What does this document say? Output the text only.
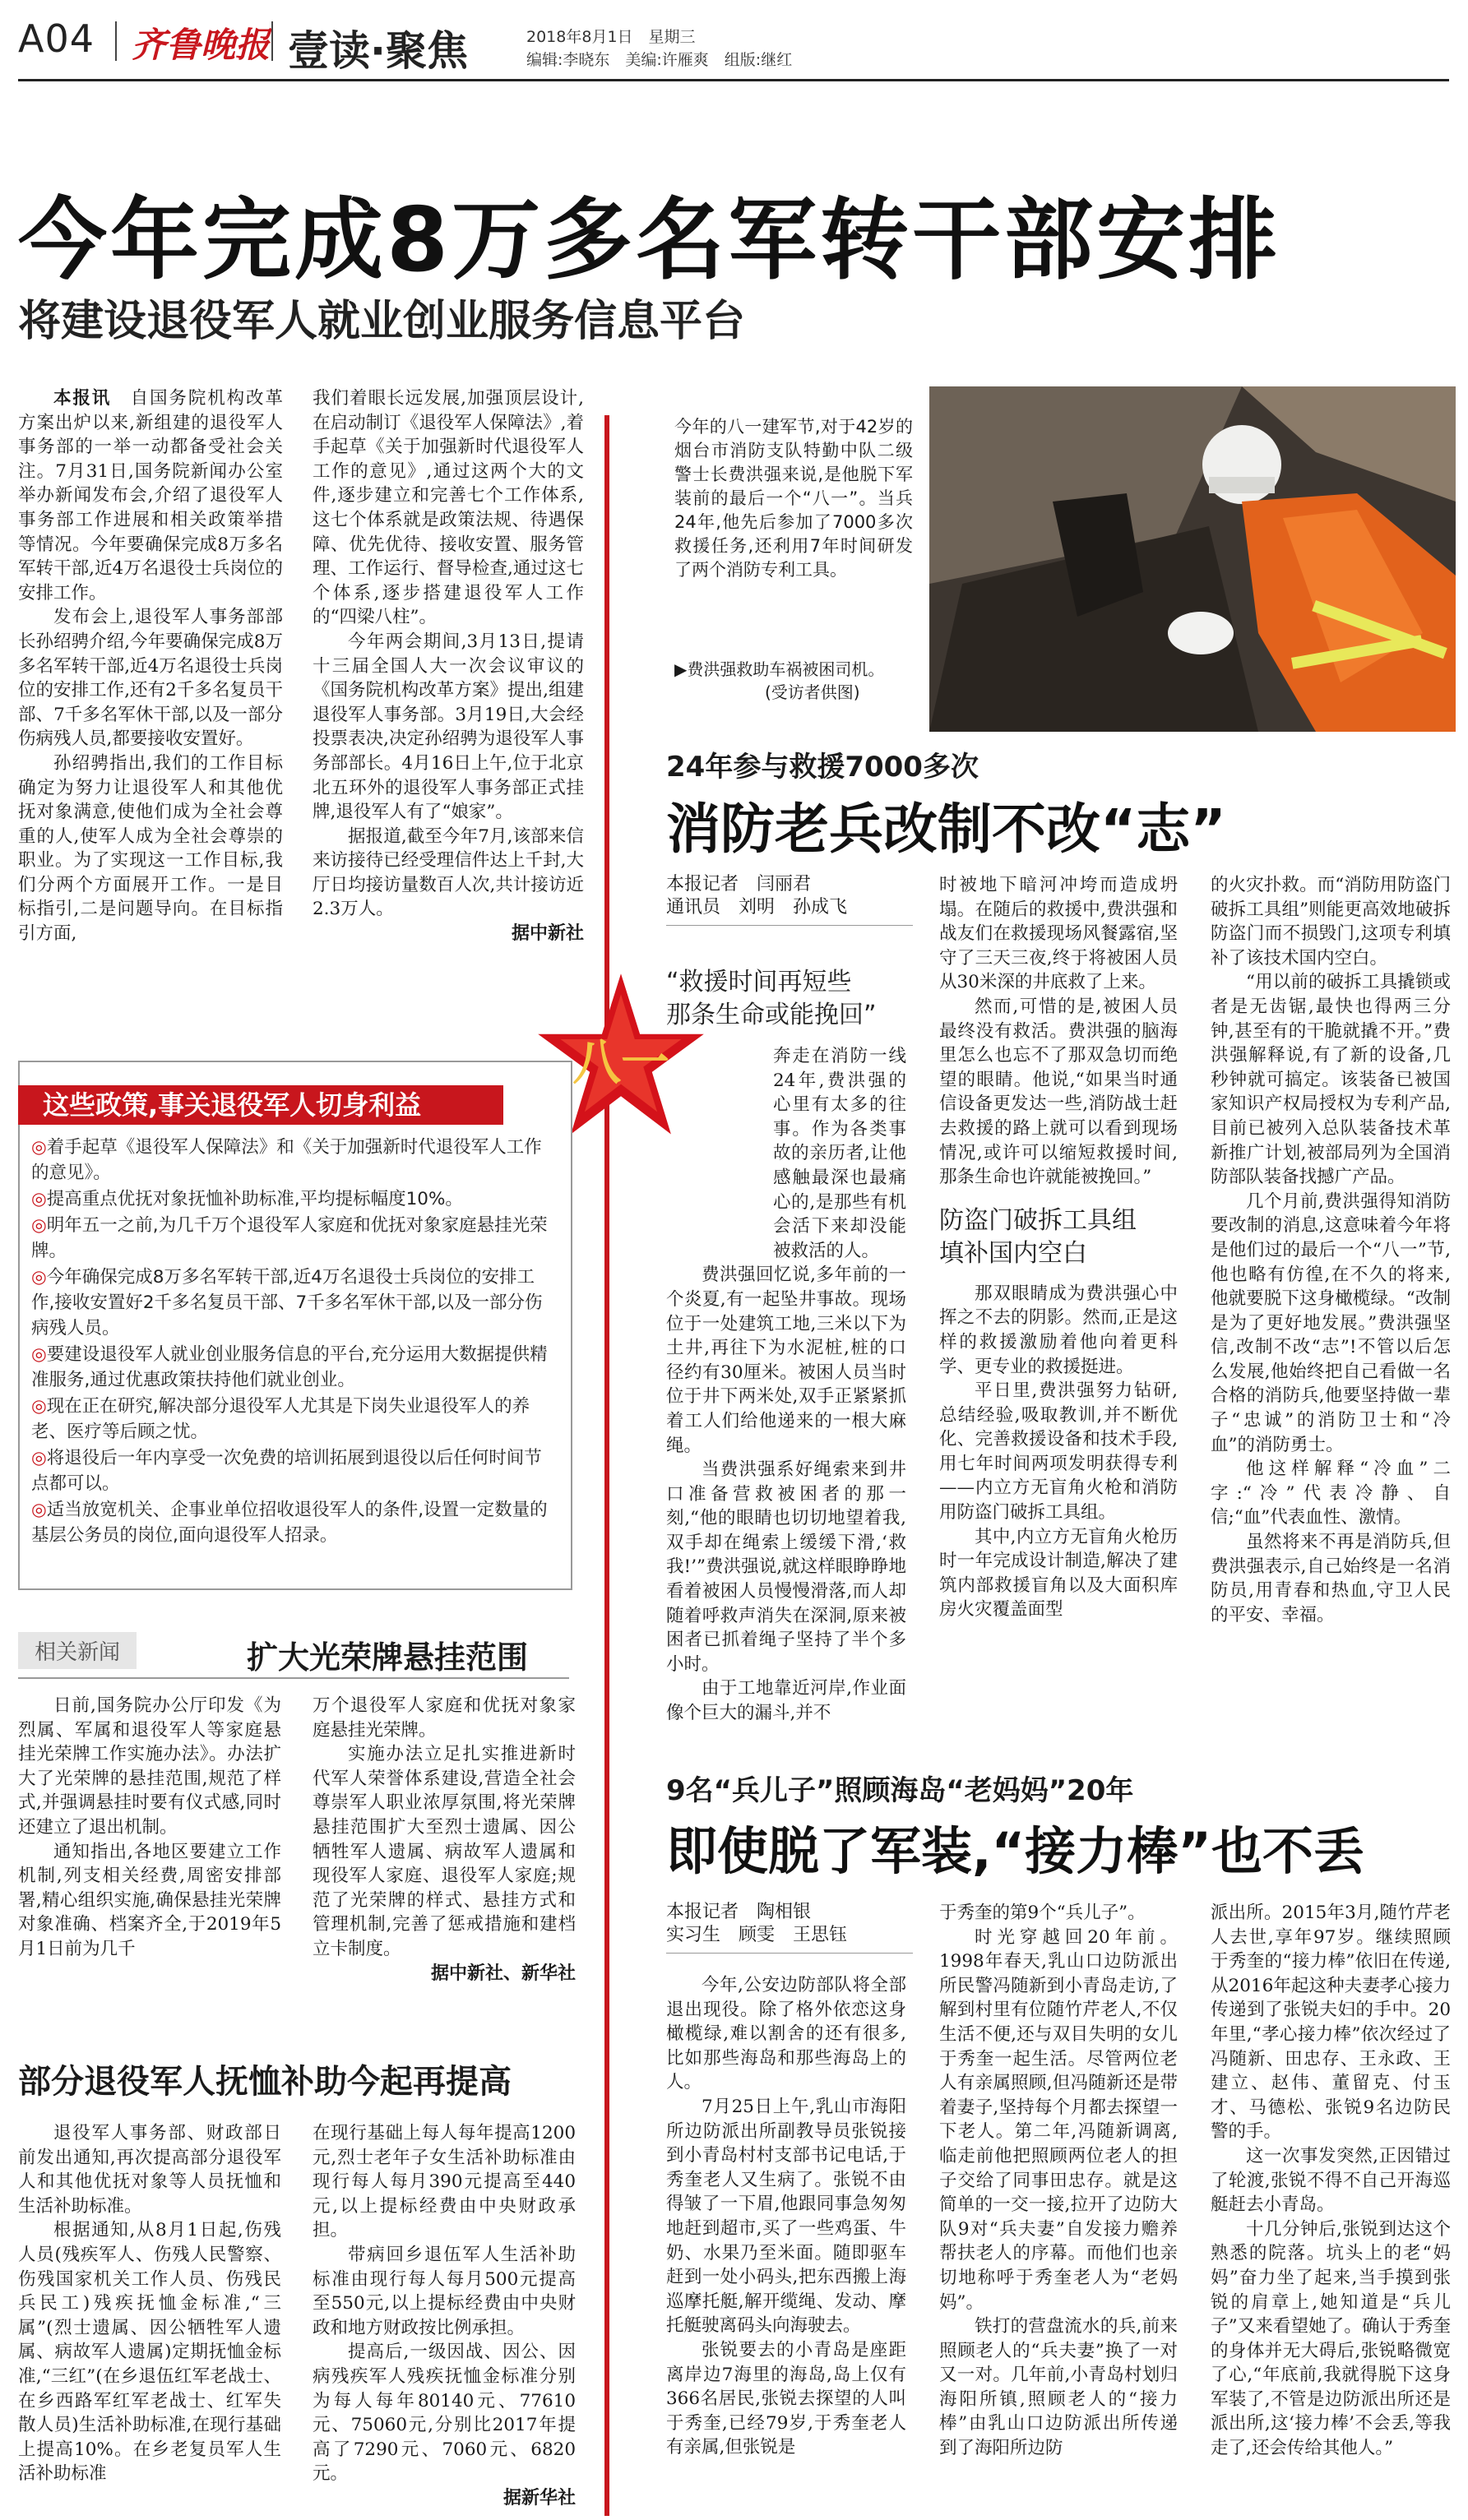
A04 齐鲁晚报 壹读·聚焦	2018年8月1日　星期三
编辑:李晓东　美编:许雁爽　组版:继红
今年完成8万多名军转干部安排
将建设退役军人就业创业服务信息平台

本报讯　 自国务院机构改革方案出炉以来,新组建的退役军人事务部的一举一动都备受社会关注。7月31日,国务院新闻办公室举办新闻发布会,介绍了退役军人事务部工作进展和相关政策举措等情况。今年要确保完成8万多名军转干部,近4万名退役士兵岗位的安排工作。

发布会上,退役军人事务部部长孙绍骋介绍,今年要确保完成8万多名军转干部,近4万名退役士兵岗位的安排工作,还有2千多名复员干部、7千多名军休干部,以及一部分伤病残人员,都要接收安置好。

孙绍骋指出,我们的工作目标确定为努力让退役军人和其他优抚对象满意,使他们成为全社会尊重的人,使军人成为全社会尊崇的职业。为了实现这一工作目标,我们分两个方面展开工作。一是目标指引,二是问题导向。在目标指引方面,

我们着眼长远发展,加强顶层设计,在启动制订《退役军人保障法》,着手起草《关于加强新时代退役军人工作的意见》,通过这两个大的文件,逐步建立和完善七个工作体系,这七个体系就是政策法规、待遇保障、优先优待、接收安置、服务管理、工作运行、督导检查,通过这七个体系,逐步搭建退役军人工作的“四梁八柱”。

今年两会期间,3月13日,提请十三届全国人大一次会议审议的《国务院机构改革方案》提出,组建退役军人事务部。3月19日,大会经投票表决,决定孙绍骋为退役军人事务部部长。4月16日上午,位于北京北五环外的退役军人事务部正式挂牌,退役军人有了“娘家”。

据报道,截至今年7月,该部来信来访接待已经受理信件达上千封,大厅日均接访量数百人次,共计接访近2.3万人。

据中新社
八一
这些政策,事关退役军人切身利益
◎着手起草《退役军人保障法》和《关于加强新时代退役军人工作的意见》。
◎提高重点优抚对象抚恤补助标准,平均提标幅度10%。
◎明年五一之前,为几千万个退役军人家庭和优抚对象家庭悬挂光荣牌。
◎今年确保完成8万多名军转干部,近4万名退役士兵岗位的安排工作,接收安置好2千多名复员干部、7千多名军休干部,以及一部分伤病残人员。
◎要建设退役军人就业创业服务信息的平台,充分运用大数据提供精准服务,通过优惠政策扶持他们就业创业。
◎现在正在研究,解决部分退役军人尤其是下岗失业退役军人的养老、医疗等后顾之忧。
◎将退役后一年内享受一次免费的培训拓展到退役以后任何时间节点都可以。
◎适当放宽机关、企事业单位招收退役军人的条件,设置一定数量的基层公务员的岗位,面向退役军人招录。
相关新闻	扩大光荣牌悬挂范围

日前,国务院办公厅印发《为烈属、军属和退役军人等家庭悬挂光荣牌工作实施办法》。办法扩大了光荣牌的悬挂范围,规范了样式,并强调悬挂时要有仪式感,同时还建立了退出机制。

通知指出,各地区要建立工作机制,列支相关经费,周密安排部署,精心组织实施,确保悬挂光荣牌对象准确、档案齐全,于2019年5月1日前为几千

万个退役军人家庭和优抚对象家庭悬挂光荣牌。

实施办法立足扎实推进新时代军人荣誉体系建设,营造全社会尊崇军人职业浓厚氛围,将光荣牌悬挂范围扩大至烈士遗属、因公牺牲军人遗属、病故军人遗属和现役军人家庭、退役军人家庭;规范了光荣牌的样式、悬挂方式和管理机制,完善了惩戒措施和建档立卡制度。

据中新社、新华社
部分退役军人抚恤补助今起再提高

退役军人事务部、财政部日前发出通知,再次提高部分退役军人和其他优抚对象等人员抚恤和生活补助标准。

根据通知,从8月1日起,伤残人员(残疾军人、伤残人民警察、伤残国家机关工作人员、伤残民兵民工)残疾抚恤金标准,“三属”(烈士遗属、因公牺牲军人遗属、病故军人遗属)定期抚恤金标准,“三红”(在乡退伍红军老战士、在乡西路军红军老战士、红军失散人员)生活补助标准,在现行基础上提高10%。在乡老复员军人生活补助标准

在现行基础上每人每年提高1200元,烈士老年子女生活补助标准由现行每人每月390元提高至440元,以上提标经费由中央财政承担。

带病回乡退伍军人生活补助标准由现行每人每月500元提高至550元,以上提标经费由中央财政和地方财政按比例承担。

提高后,一级因战、因公、因病残疾军人残疾抚恤金标准分别为每人每年80140元、77610元、75060元,分别比2017年提高了7290元、7060元、6820元。

据新华社
今年的八一建军节,对于42岁的烟台市消防支队特勤中队二级警士长费洪强来说,是他脱下军装前的最后一个“八一”。当兵24年,他先后参加了7000多次救援任务,还利用7年时间研发了两个消防专利工具。
▶费洪强救助车祸被困司机。
(受访者供图)
24年参与救援7000多次
消防老兵改制不改“志”
本报记者　 闫丽君
通讯员　 刘明　孙成飞
“救援时间再短些
那条生命或能挽回”

奔走在消防一线24年,费洪强的心里有太多的往事。作为各类事故的亲历者,让他感触最深也最痛心的,是那些有机会活下来却没能被救活的人。

费洪强回忆说,多年前的一个炎夏,有一起坠井事故。现场位于一处建筑工地,三米以下为土井,再往下为水泥桩,桩的口径约有30厘米。被困人员当时位于井下两米处,双手正紧紧抓着工人们给他递来的一根大麻绳。

当费洪强系好绳索来到井口准备营救被困者的那一刻,“他的眼睛也切切地望着我,双手却在绳索上缓缓下滑,‘救我!’”费洪强说,就这样眼睁睁地看着被困人员慢慢滑落,而人却随着呼救声消失在深洞,原来被困者已抓着绳子坚持了半个多小时。

由于工地靠近河岸,作业面像个巨大的漏斗,并不

时被地下暗河冲垮而造成坍塌。在随后的救援中,费洪强和战友们在救援现场风餐露宿,坚守了三天三夜,终于将被困人员从30米深的井底救了上来。

然而,可惜的是,被困人员最终没有救活。费洪强的脑海里怎么也忘不了那双急切而绝望的眼睛。他说,“如果当时通信设备更发达一些,消防战士赶去救援的路上就可以看到现场情况,或许可以缩短救援时间,那条生命也许就能被挽回。”

防盗门破拆工具组
填补国内空白

那双眼睛成为费洪强心中挥之不去的阴影。然而,正是这样的救援激励着他向着更科学、更专业的救援挺进。

平日里,费洪强努力钻研,总结经验,吸取教训,并不断优化、完善救援设备和技术手段,用七年时间两项发明获得专利——内立方无盲角火枪和消防用防盗门破拆工具组。

其中,内立方无盲角火枪历时一年完成设计制造,解决了建筑内部救援盲角以及大面积库房火灾覆盖面型

的火灾扑救。而“消防用防盗门破拆工具组”则能更高效地破拆防盗门而不损毁门,这项专利填补了该技术国内空白。

“用以前的破拆工具撬锁或者是无齿锯,最快也得两三分钟,甚至有的干脆就撬不开。”费洪强解释说,有了新的设备,几秒钟就可搞定。该装备已被国家知识产权局授权为专利产品,目前已被列入总队装备技术革新推广计划,被部局列为全国消防部队装备找撼广产品。

几个月前,费洪强得知消防要改制的消息,这意味着今年将是他们过的最后一个“八一”节,他也略有仿徨,在不久的将来,他就要脱下这身橄榄绿。“改制是为了更好地发展。”费洪强坚信,改制不改“志”!不管以后怎么发展,他始终把自己看做一名合格的消防兵,他要坚持做一辈子“忠诚”的消防卫士和“冷血”的消防勇士。

他这样解释“冷血”二字:“冷”代表冷静、自信;“血”代表血性、激情。

虽然将来不再是消防兵,但费洪强表示,自己始终是一名消防员,用青春和热血,守卫人民的平安、幸福。

9名“兵儿子”照顾海岛“老妈妈”20年
即使脱了军装,“接力棒”也不丢
本报记者　 陶相银
实习生　 顾雯　王思钰

今年,公安边防部队将全部退出现役。除了格外依恋这身橄榄绿,难以割舍的还有很多,比如那些海岛和那些海岛上的人。

7月25日上午,乳山市海阳所边防派出所副教导员张锐接到小青岛村村支部书记电话,于秀奎老人又生病了。张锐不由得皱了一下眉,他跟同事急匆匆地赶到超市,买了一些鸡蛋、牛奶、水果乃至米面。随即驱车赶到一处小码头,把东西搬上海巡摩托艇,解开缆绳、发动、摩托艇驶离码头向海驶去。

张锐要去的小青岛是座距离岸边7海里的海岛,岛上仅有366名居民,张锐去探望的人叫于秀奎,已经79岁,于秀奎老人有亲属,但张锐是

于秀奎的第9个“兵儿子”。

时光穿越回20年前。1998年春天,乳山口边防派出所民警冯随新到小青岛走访,了解到村里有位随竹芹老人,不仅生活不便,还与双目失明的女儿于秀奎一起生活。尽管两位老人有亲属照顾,但冯随新还是带着妻子,坚持每个月都去探望一下老人。第二年,冯随新调离,临走前他把照顾两位老人的担子交给了同事田忠存。就是这简单的一交一接,拉开了边防大队9对“兵夫妻”自发接力赡养帮扶老人的序幕。而他们也亲切地称呼于秀奎老人为“老妈妈”。

铁打的营盘流水的兵,前来照顾老人的“兵夫妻”换了一对又一对。几年前,小青岛村划归海阳所镇,照顾老人的“接力棒”由乳山口边防派出所传递到了海阳所边防

派出所。2015年3月,随竹芹老人去世,享年97岁。继续照顾于秀奎的“接力棒”依旧在传递,从2016年起这种夫妻孝心接力传递到了张锐夫妇的手中。20年里,“孝心接力棒”依次经过了冯随新、田忠存、王永政、王建立、赵伟、董留克、付玉才、马德松、张锐9名边防民警的手。

这一次事发突然,正因错过了轮渡,张锐不得不自己开海巡艇赶去小青岛。

十几分钟后,张锐到达这个熟悉的院落。坑头上的老“妈妈”奋力坐了起来,当手摸到张锐的肩章上,她知道是“兵儿子”又来看望她了。确认于秀奎的身体并无大碍后,张锐略微宽了心,“年底前,我就得脱下这身军装了,不管是边防派出所还是派出所,这‘接力棒’不会丢,等我走了,还会传给其他人。”
